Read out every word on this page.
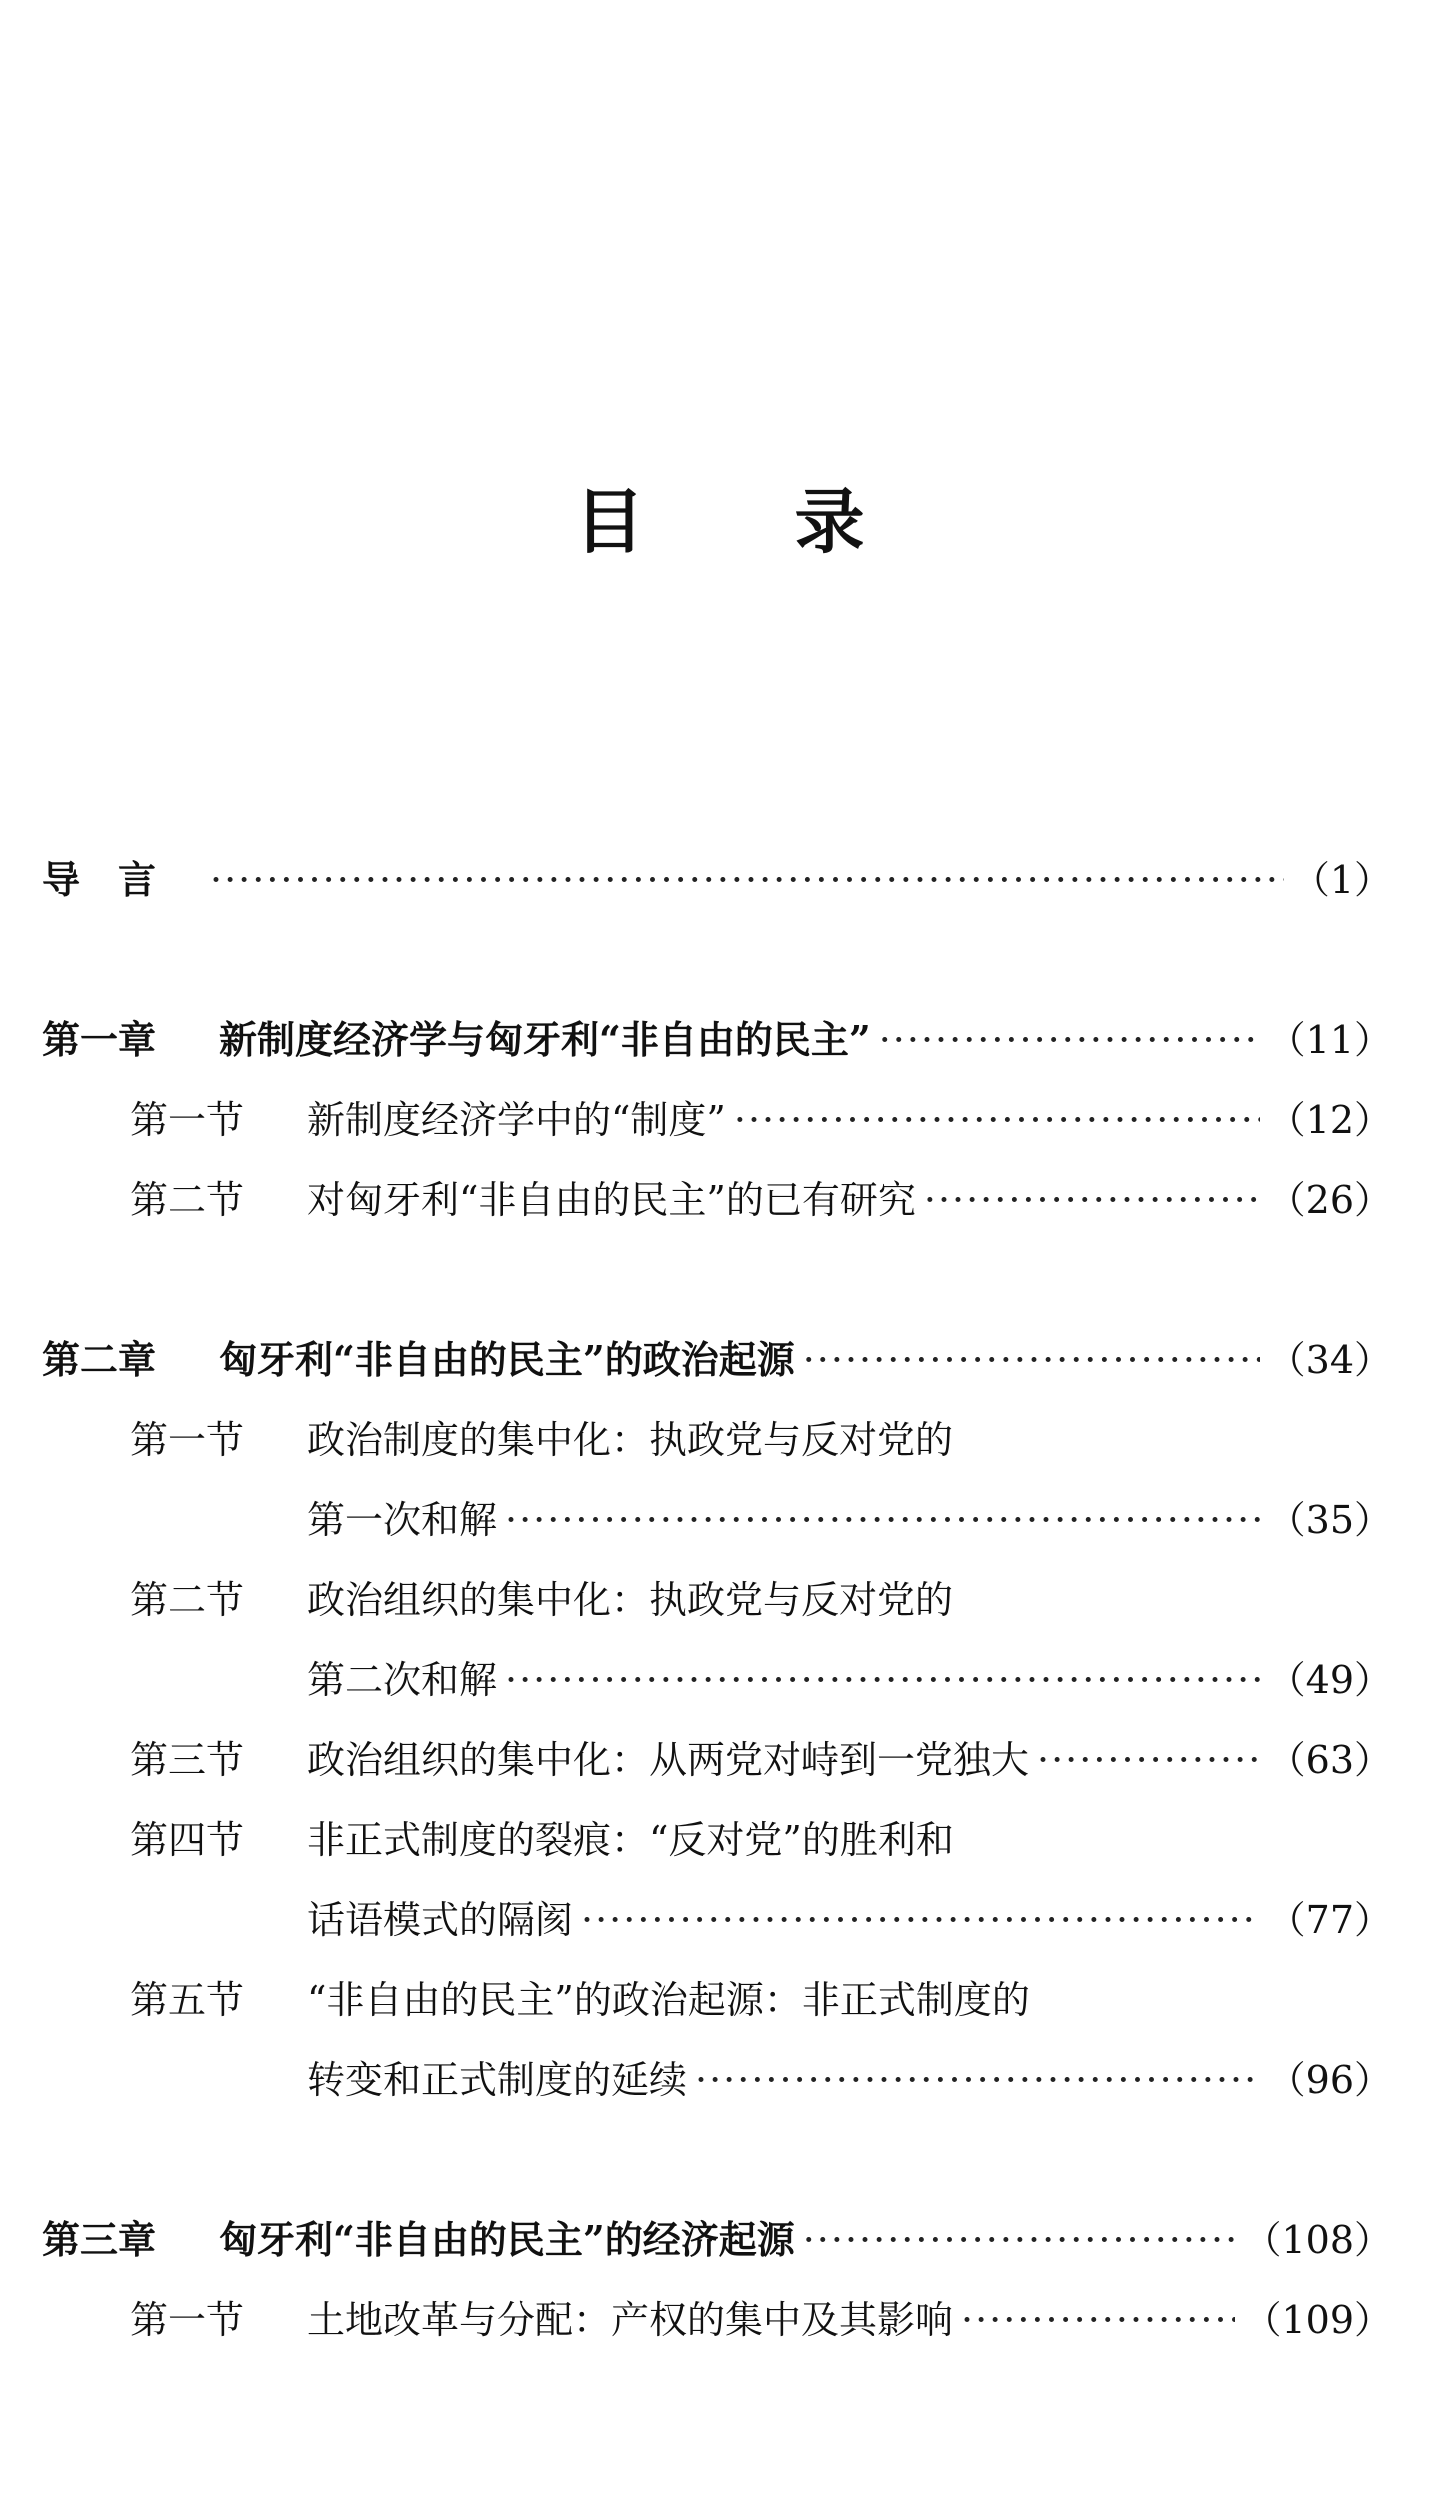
目 录
导言 ·····	（1）
第一章	新制度经济学与匈牙利“非自由的民主” ·····	（11）
第一节	新制度经济学中的“制度” ·····	（12）
第二节	对匈牙利“非自由的民主”的已有研究 ·····	（26）
第二章	匈牙利“非自由的民主”的政治起源 ·····	（34）
第一节	政治制度的集中化：执政党与反对党的
第一次和解 ·····	（35）
第二节	政治组织的集中化：执政党与反对党的
第二次和解 ·····	（49）
第三节	政治组织的集中化：从两党对峙到一党独大 ·····	（63）
第四节	非正式制度的裂痕：“反对党”的胜利和
话语模式的隔阂 ·····	（77）
第五节	“非自由的民主”的政治起源：非正式制度的
转变和正式制度的延续 ·····	（96）
第三章	匈牙利“非自由的民主”的经济起源 ·····	（108）
第一节	土地改革与分配：产权的集中及其影响 ·····	（109）
